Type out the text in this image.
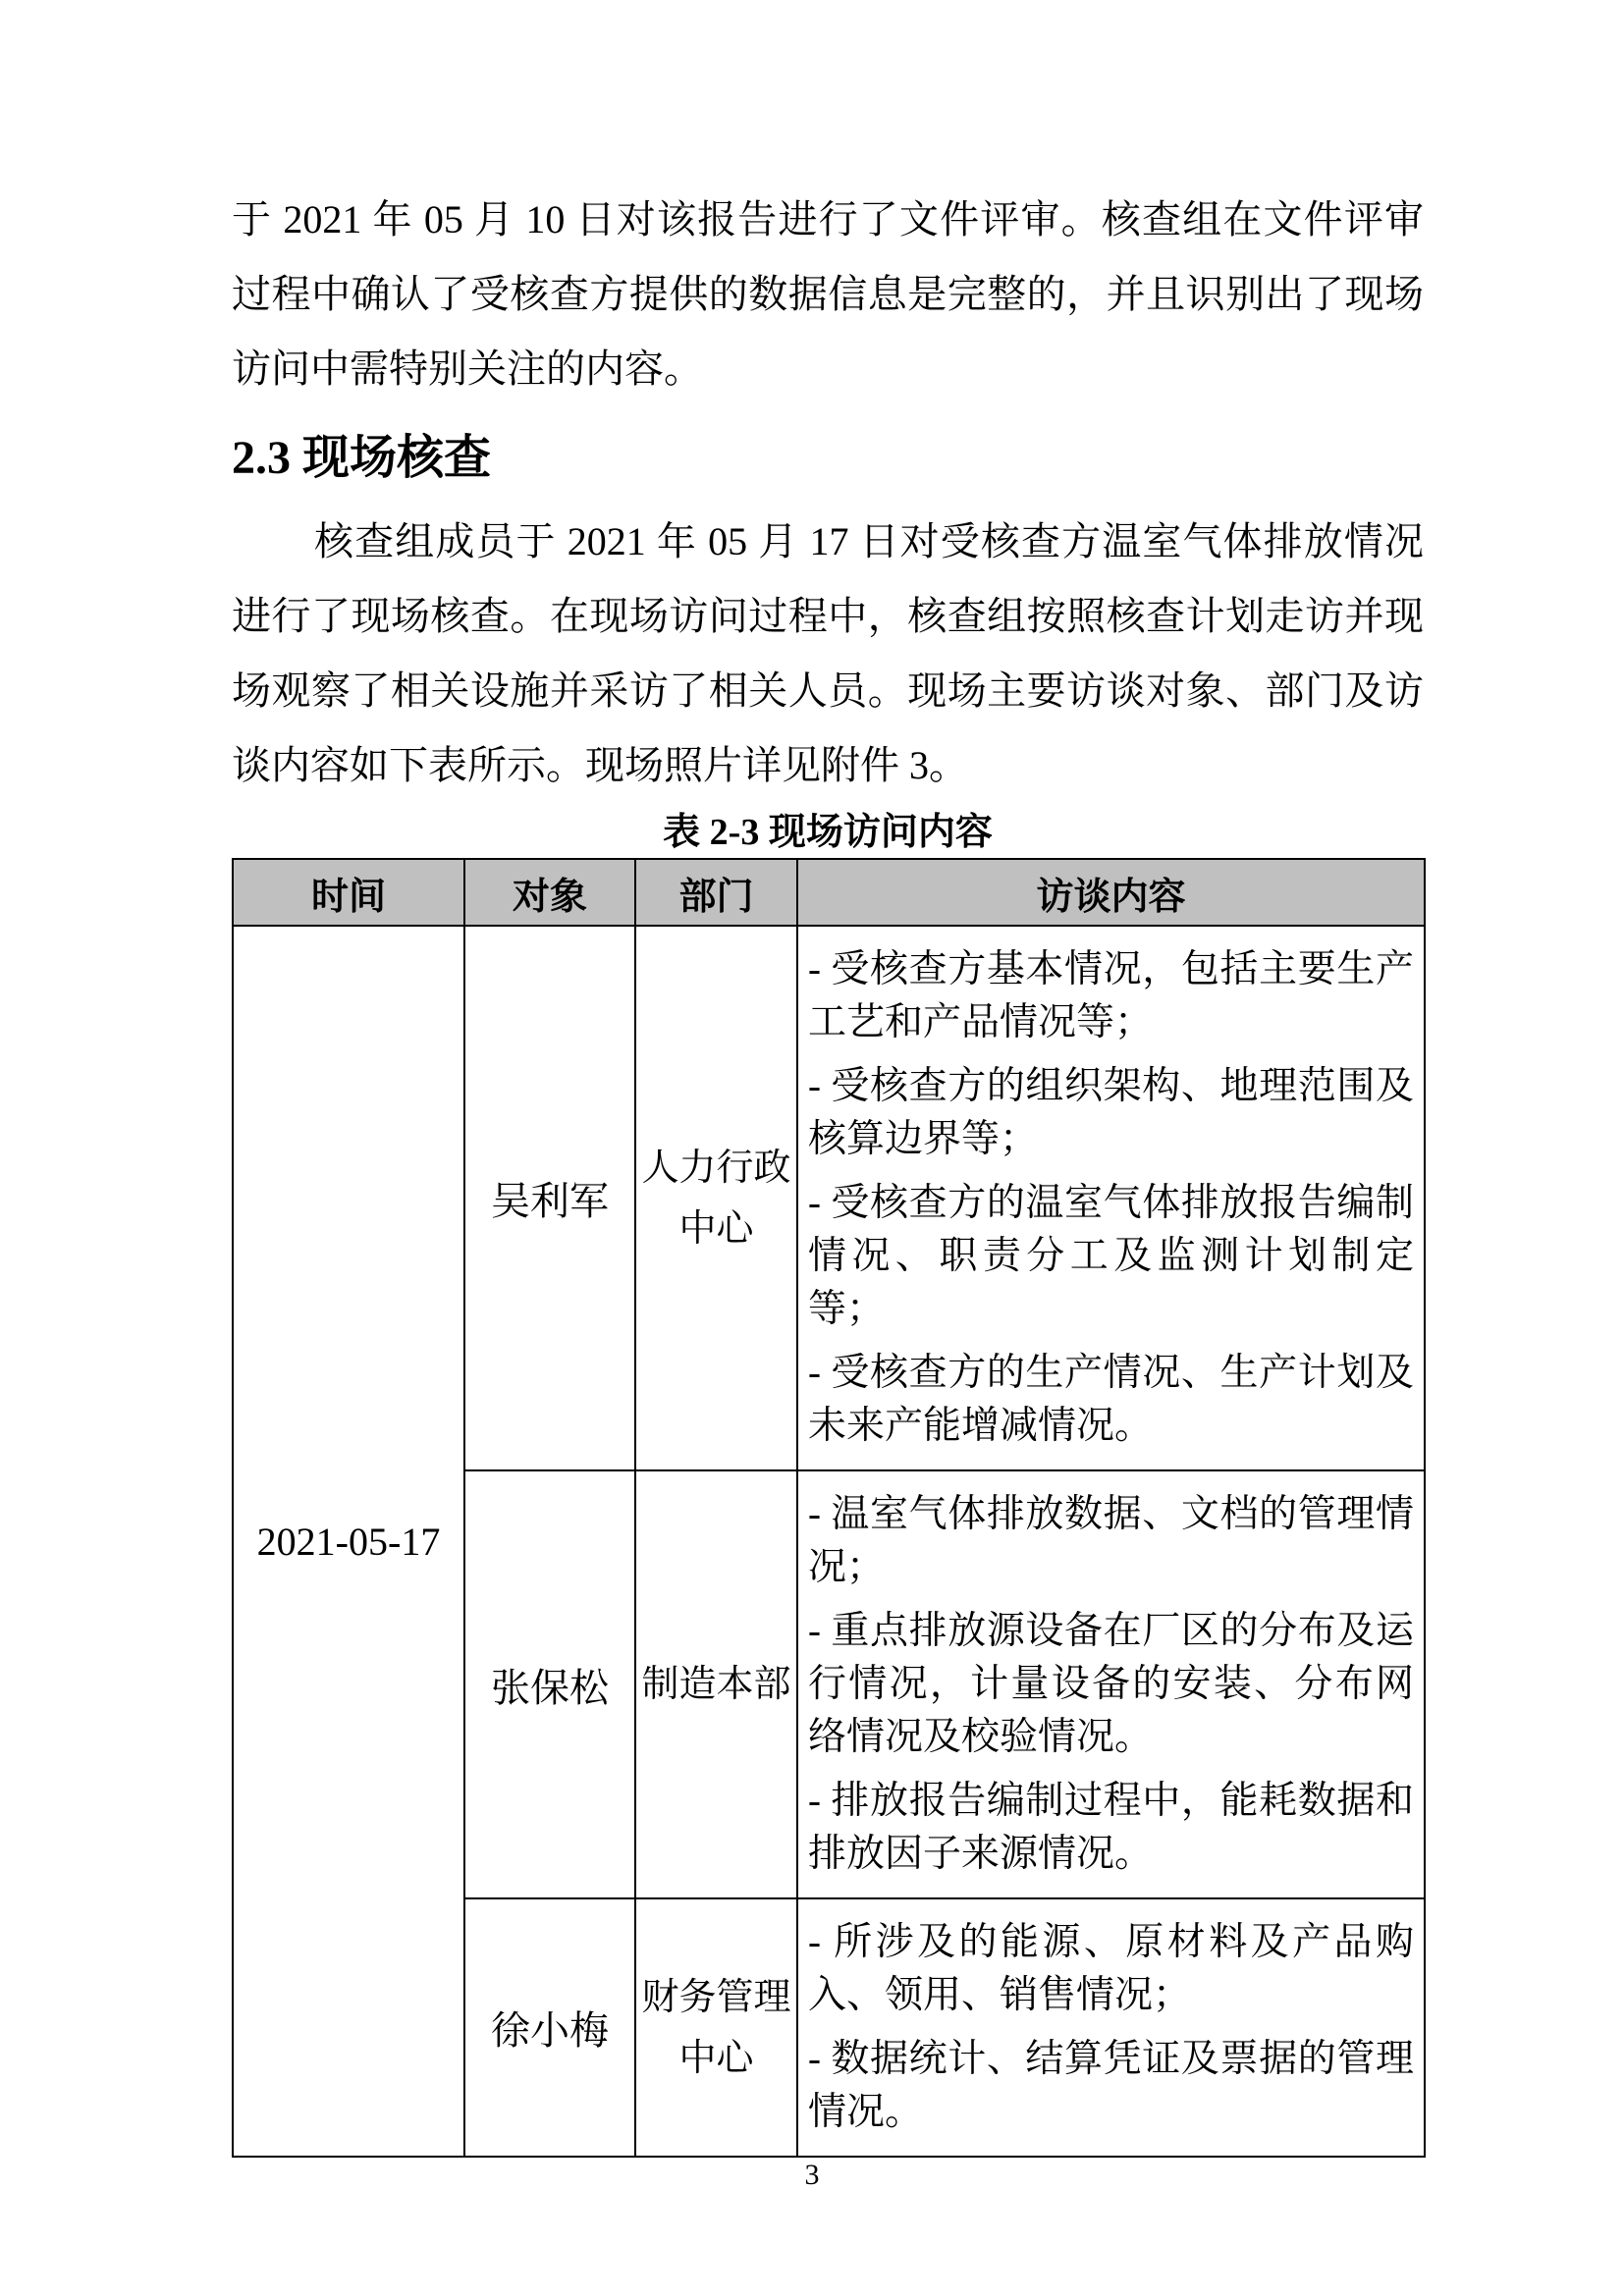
于 2021 年 05 月 10 日对该报告进行了文件评审。核查组在文件评审过程中确认了受核查方提供的数据信息是完整的，并且识别出了现场访问中需特别关注的内容。

2.3 现场核查

核查组成员于 2021 年 05 月 17 日对受核查方温室气体排放情况进行了现场核查。在现场访问过程中，核查组按照核查计划走访并现场观察了相关设施并采访了相关人员。现场主要访谈对象、部门及访谈内容如下表所示。现场照片详见附件 3。

表 2-3 现场访问内容
时间	对象	部门	访谈内容
2021-05-17	吴利军	人力行政中心	- 受核查方基本情况，包括主要生产工艺和产品情况等；

- 受核查方的组织架构、地理范围及核算边界等；

- 受核查方的温室气体排放报告编制情况、职责分工及监测计划制定等；

- 受核查方的生产情况、生产计划及未来产能增减情况。

	张保松	制造本部	- 温室气体排放数据、文档的管理情况；

- 重点排放源设备在厂区的分布及运行情况，计量设备的安装、分布网络情况及校验情况。

- 排放报告编制过程中，能耗数据和排放因子来源情况。

	徐小梅	财务管理中心	- 所涉及的能源、原材料及产品购入、领用、销售情况；

- 数据统计、结算凭证及票据的管理情况。

3
